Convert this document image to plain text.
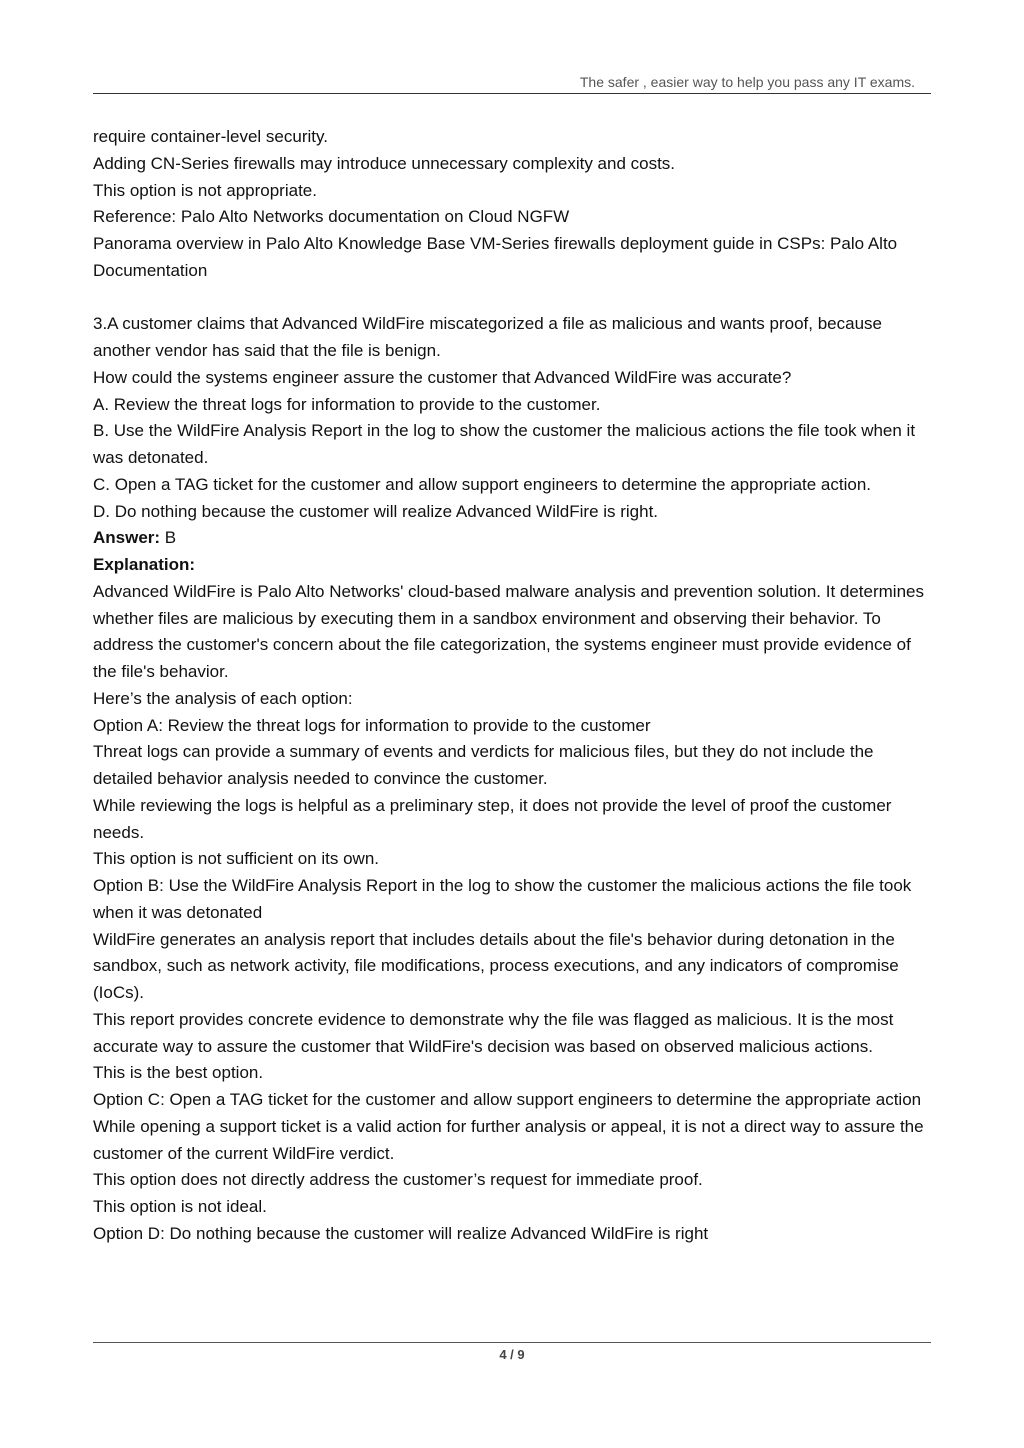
The safer , easier way to help you pass any IT exams.

require container-level security.

Adding CN-Series firewalls may introduce unnecessary complexity and costs.

This option is not appropriate.

Reference: Palo Alto Networks documentation on Cloud NGFW

Panorama overview in Palo Alto Knowledge Base VM-Series firewalls deployment guide in CSPs: Palo Alto Documentation

3.A customer claims that Advanced WildFire miscategorized a file as malicious and wants proof, because another vendor has said that the file is benign.

How could the systems engineer assure the customer that Advanced WildFire was accurate?

A. Review the threat logs for information to provide to the customer.

B. Use the WildFire Analysis Report in the log to show the customer the malicious actions the file took when it was detonated.

C. Open a TAG ticket for the customer and allow support engineers to determine the appropriate action.

D. Do nothing because the customer will realize Advanced WildFire is right.

Answer: B

Explanation:

Advanced WildFire is Palo Alto Networks' cloud-based malware analysis and prevention solution. It determines whether files are malicious by executing them in a sandbox environment and observing their behavior. To address the customer's concern about the file categorization, the systems engineer must provide evidence of the file's behavior.

Here’s the analysis of each option:

Option A: Review the threat logs for information to provide to the customer

Threat logs can provide a summary of events and verdicts for malicious files, but they do not include the detailed behavior analysis needed to convince the customer.

While reviewing the logs is helpful as a preliminary step, it does not provide the level of proof the customer needs.

This option is not sufficient on its own.

Option B: Use the WildFire Analysis Report in the log to show the customer the malicious actions the file took when it was detonated

WildFire generates an analysis report that includes details about the file's behavior during detonation in the sandbox, such as network activity, file modifications, process executions, and any indicators of compromise (IoCs).

This report provides concrete evidence to demonstrate why the file was flagged as malicious. It is the most accurate way to assure the customer that WildFire's decision was based on observed malicious actions.

This is the best option.

Option C: Open a TAG ticket for the customer and allow support engineers to determine the appropriate action

While opening a support ticket is a valid action for further analysis or appeal, it is not a direct way to assure the customer of the current WildFire verdict.

This option does not directly address the customer’s request for immediate proof.

This option is not ideal.

Option D: Do nothing because the customer will realize Advanced WildFire is right

4 / 9
